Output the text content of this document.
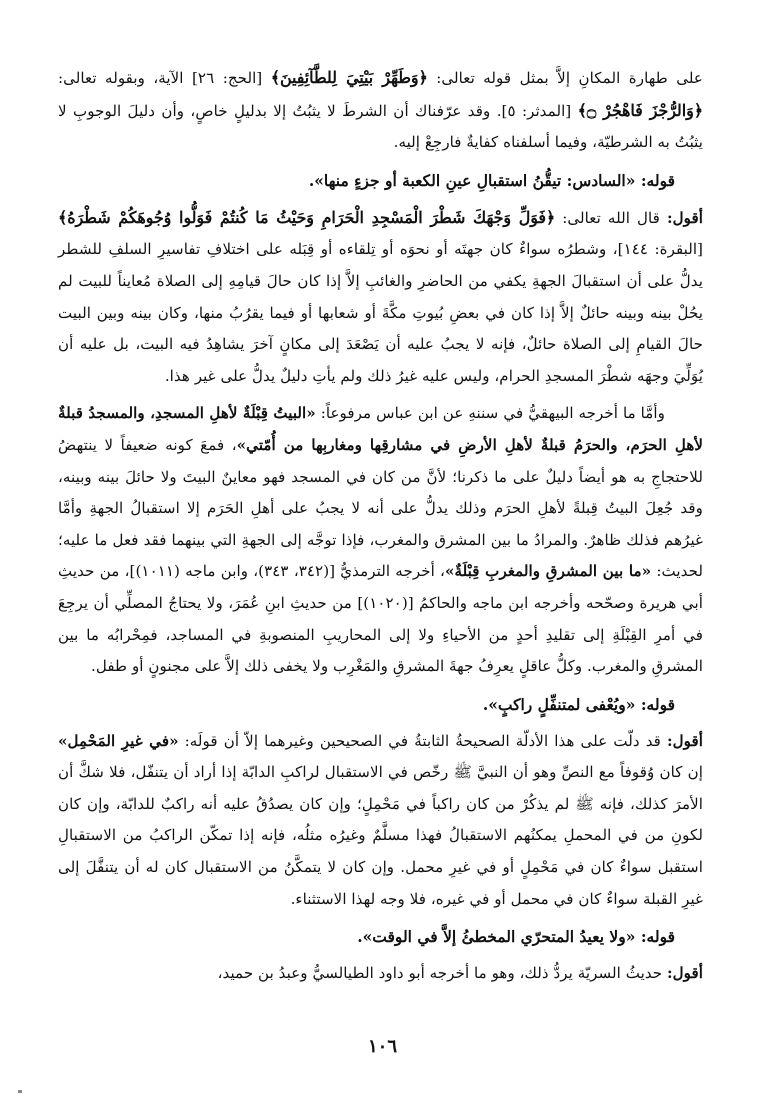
على طهارة المكانِ إلاَّ بمثل قوله تعالى: ﴿وَطَهِّرْ بَيْتِيَ لِلطَّآئِفِينَ﴾ [الحج: ٢٦] الآية، وبقوله تعالى: ﴿وَالرُّجْزَ فَاهْجُرْ ۝﴾ [المدثر: ٥]. وقد عرّفناك أن الشرطَ لا يثبُتُ إلا بدليلٍ خاصٍ، وأن دليلَ الوجوبِ لا يثبُتُ به الشرطيّة، وفيما أسلفناه كفايةٌ فارجِعْ إليه.

قوله: «السادس: تيقُّنُ استقبالِ عينِ الكعبة أو جزءٍ منها».

أقول: قال الله تعالى: ﴿فَوَلِّ وَجْهَكَ شَطْرَ الْمَسْجِدِ الْحَرَامِ وَحَيْثُ مَا كُنتُمْ فَوَلُّوا وُجُوهَكُمْ شَطْرَهُ﴾ [البقرة: ١٤٤]، وشطرُه سواءٌ كان جهتَه أو نحوَه أو تِلقاءه أو قِبَله على اختلافِ تفاسيرِ السلفِ للشطر يدلُّ على أن استقبالَ الجهةِ يكفي من الحاضرِ والغائبِ إلاَّ إذا كان حالَ قيامِهِ إلى الصلاة مُعايناً للبيت لم يحُلْ بينه وبينه حائلٌ إلاَّ إذا كان في بعضِ بُيوتِ مكَّةَ أو شعابها أو فيما يقرُبُ منها، وكان بينه وبين البيت حالَ القيامِ إلى الصلاة حائلٌ، فإنه لا يجبُ عليه أن يَصْعَدَ إلى مكانٍ آخرَ يشاهِدُ فيه البيت، بل عليه أن يُوَلِّيَ وجهَه شطْرَ المسجدِ الحرام، وليس عليه غيرُ ذلك ولم يأتِ دليلٌ يدلُّ على غير هذا.

وأمَّا ما أخرجه البيهقيُّ في سننهِ عن ابن عباس مرفوعاً: «البيتُ قِبْلَةٌ لأهلِ المسجدِ، والمسجدُ قبلةٌ لأهلِ الحرَم، والحرَمُ قبلةٌ لأهلِ الأرضِ في مشارقِها ومغاربِها من أُمّتي»، فمعَ كونه ضعيفاً لا ينتهضُ للاحتجاجِ به هو أيضاً دليلٌ على ما ذكرنا؛ لأنَّ من كان في المسجد فهو معاينٌ البيتَ ولا حائلَ بينه وبينه، وقد جُعِلَ البيتُ قِبلةً لأهلِ الحرَم وذلك يدلُّ على أنه لا يجبُ على أهلِ الحَرَم إلا استقبالُ الجهةِ وأمَّا غيرُهم فذلك ظاهرٌ. والمرادُ ما بين المشرق والمغرب، فإذا توجَّه إلى الجهةِ التي بينهما فقد فعل ما عليه؛ لحديث: «ما بين المشرقِ والمغربِ قِبْلَةٌ»، أخرجه الترمذيُّ [(٣٤٢، ٣٤٣)، وابن ماجه (١٠١١)]، من حديثِ أبي هريرة وصحّحه وأخرجه ابن ماجه والحاكمُ [(١٠٢٠)] من حديثِ ابنِ عُمَرَ، ولا يحتاجُ المصلِّي أن يرجِعَ في أمرِ القِبْلَةِ إلى تقليدِ أحدٍ من الأحياءِ ولا إلى المحاريبِ المنصوبةِ في المساجد، فمِحْرابُه ما بين المشرقِ والمغرب. وكلُّ عاقلٍ يعرِفُ جهةَ المشرقِ والمَغْرِب ولا يخفى ذلك إلاَّ على مجنونٍ أو طفل.

قوله: «ويُعْفى لمتنفِّلٍ راكبٍ».

أقول: قد دلّت على هذا الأدلّة الصحيحةُ الثابتةُ في الصحيحين وغيرهما إلاّ أن قولَه: «في غيرِ المَحْمِل» إن كان وُقوفاً مع النصِّ وهو أن النبيَّ ﷺ رخّص في الاستقبال لراكبِ الدابّة إذا أراد أن يتنفّل، فلا شكَّ أن الأمرَ كذلك، فإنه ﷺ لم يذكُرْ من كان راكباً في مَحْمِلٍ؛ وإن كان يصدُقُ عليه أنه راكبٌ للدابّة، وإن كان لكونِ من في المحملِ يمكنُهم الاستقبالُ فهذا مسلَّمٌ وغيرُه مثلُه، فإنه إذا تمكّن الراكبُ من الاستقبالِ استقبل سواءٌ كان في مَحْمِلٍ أو في غيرِ محمل. وإن كان لا يتمكَّنُ من الاستقبال كان له أن يتنفَّلَ إلى غيرِ القبلة سواءٌ كان في محمل أو في غيره، فلا وجه لهذا الاستثناء.

قوله: «ولا يعيدُ المتحرّي المخطئُ إلاَّ في الوقت».

أقول: حديثُ السريّة يردُّ ذلك، وهو ما أخرجه أبو داود الطيالسيُّ وعبدُ بن حميد،

١٠٦
